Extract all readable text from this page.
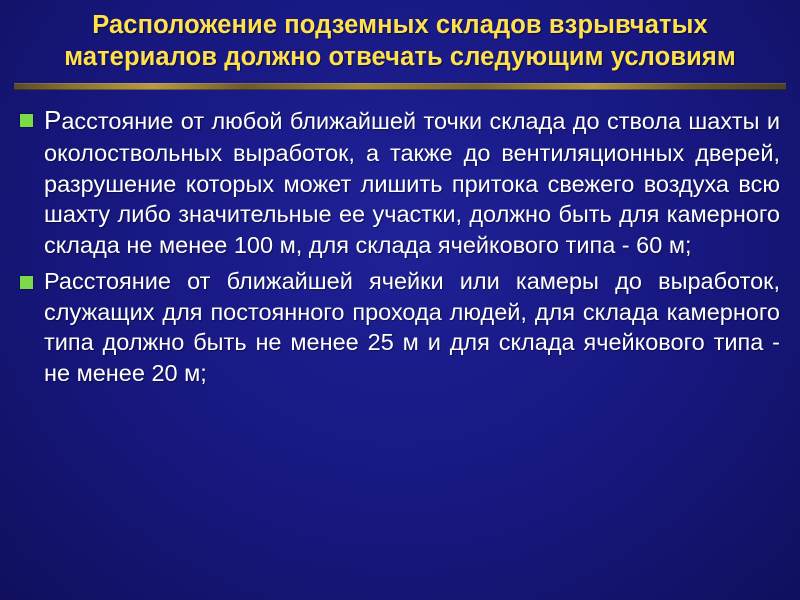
Расположение подземных складов взрывчатых материалов должно отвечать следующим условиям
Расстояние от любой ближайшей точки склада до ствола шахты и околоствольных выработок, а также до вентиляционных дверей, разрушение которых может лишить притока свежего воздуха всю шахту либо значительные ее участки, должно быть для камерного склада не менее 100 м, для склада ячейкового типа - 60 м;
Расстояние от ближайшей ячейки или камеры до выработок, служащих для постоянного прохода людей, для склада камерного типа должно быть не менее 25 м и для склада ячейкового типа - не менее 20 м;
